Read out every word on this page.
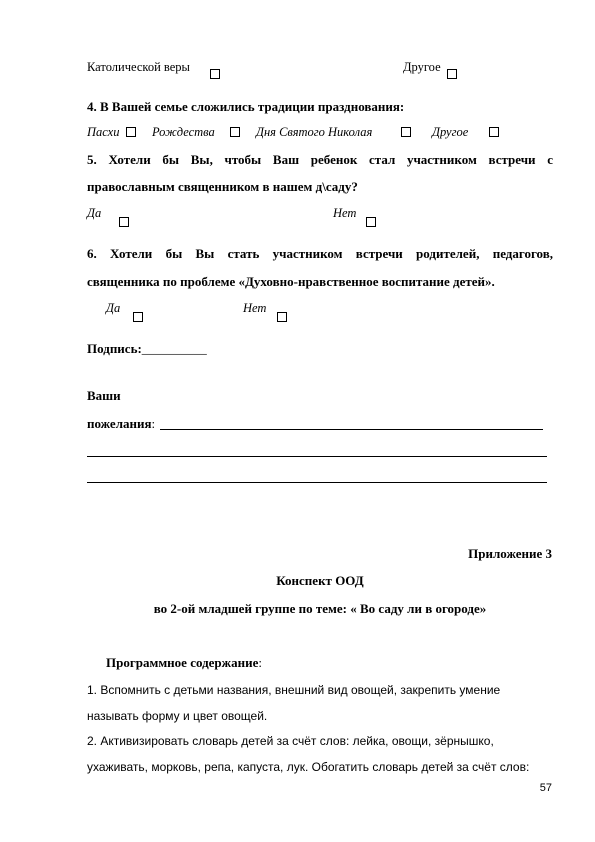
Католической веры	Другое
4. В Вашей семье сложились традиции празднования:
Пасхи	Рождества	Дня Святого Николая	Другое
5. Хотели бы Вы, чтобы Ваш ребенок стал участником встречи с
православным священником в нашем д\саду?
Да	Нет
6. Хотели бы Вы стать участником встречи родителей, педагогов,
священника по проблеме «Духовно-нравственное воспитание детей».
Да	Нет
Подпись:__________
Ваши
пожелания:
Приложение 3
Конспект ООД
во 2-ой младшей группе по теме: « Во саду ли в огороде»
Программное содержание:
1. Вспомнить с детьми названия, внешний вид овощей, закрепить умение
называть форму и цвет овощей.
2. Активизировать словарь детей за счёт слов: лейка, овощи, зёрнышко,
ухаживать, морковь, репа, капуста, лук. Обогатить словарь детей за счёт слов:
57
